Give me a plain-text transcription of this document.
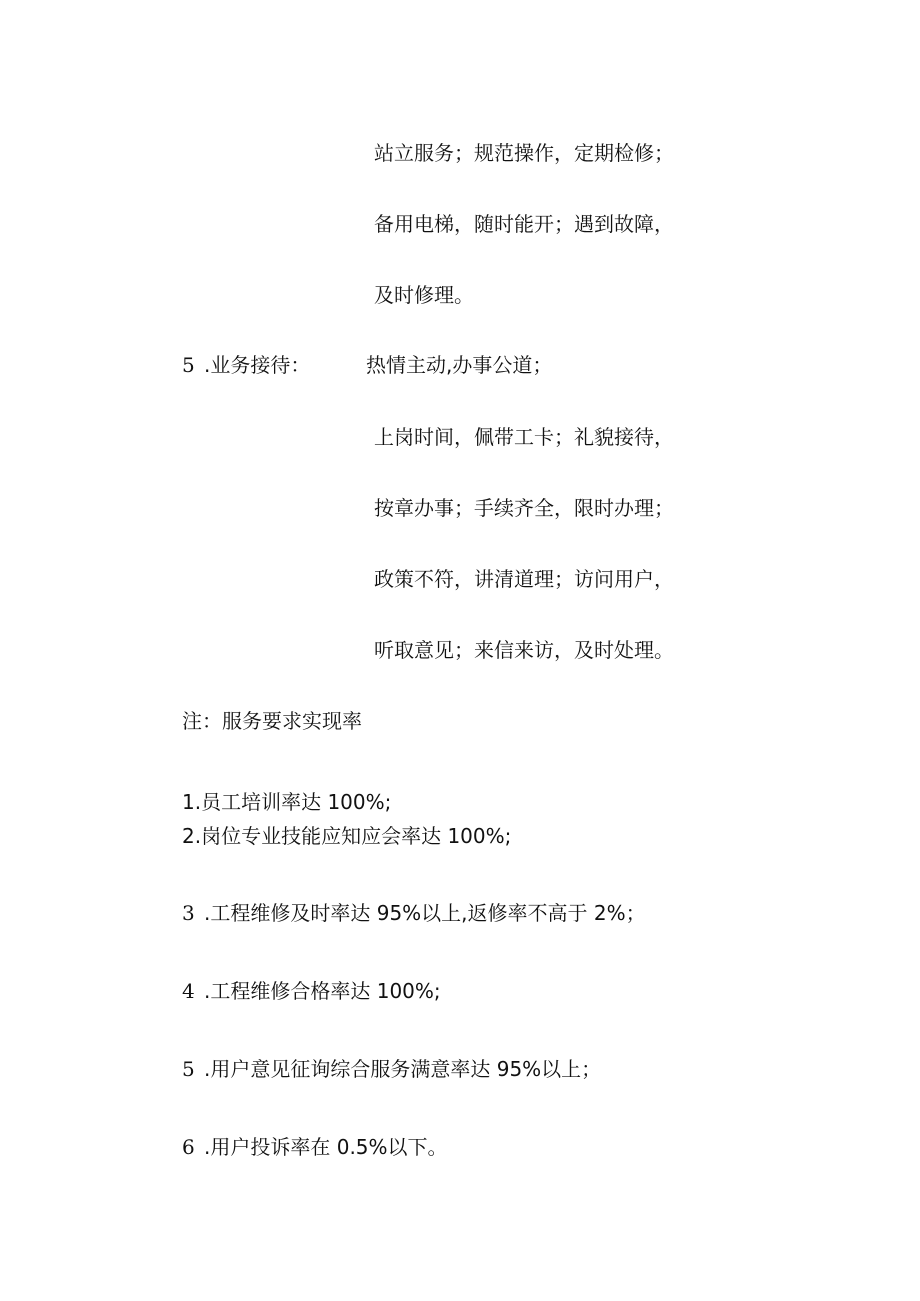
站立服务；规范操作，定期检修；
备用电梯，随时能开；遇到故障，
及时修理。
5 .业务接待：	热情主动,办事公道；
上岗时间，佩带工卡；礼貌接待，
按章办事；手续齐全，限时办理；
政策不符，讲清道理；访问用户，
听取意见；来信来访，及时处理。
注：服务要求实现率
1.员工培训率达 100%;
2.岗位专业技能应知应会率达 100%;
3 .工程维修及时率达 95%以上,返修率不高于 2%；
4 .工程维修合格率达 100%;
5 .用户意见征询综合服务满意率达 95%以上；
6 .用户投诉率在 0.5%以下。
